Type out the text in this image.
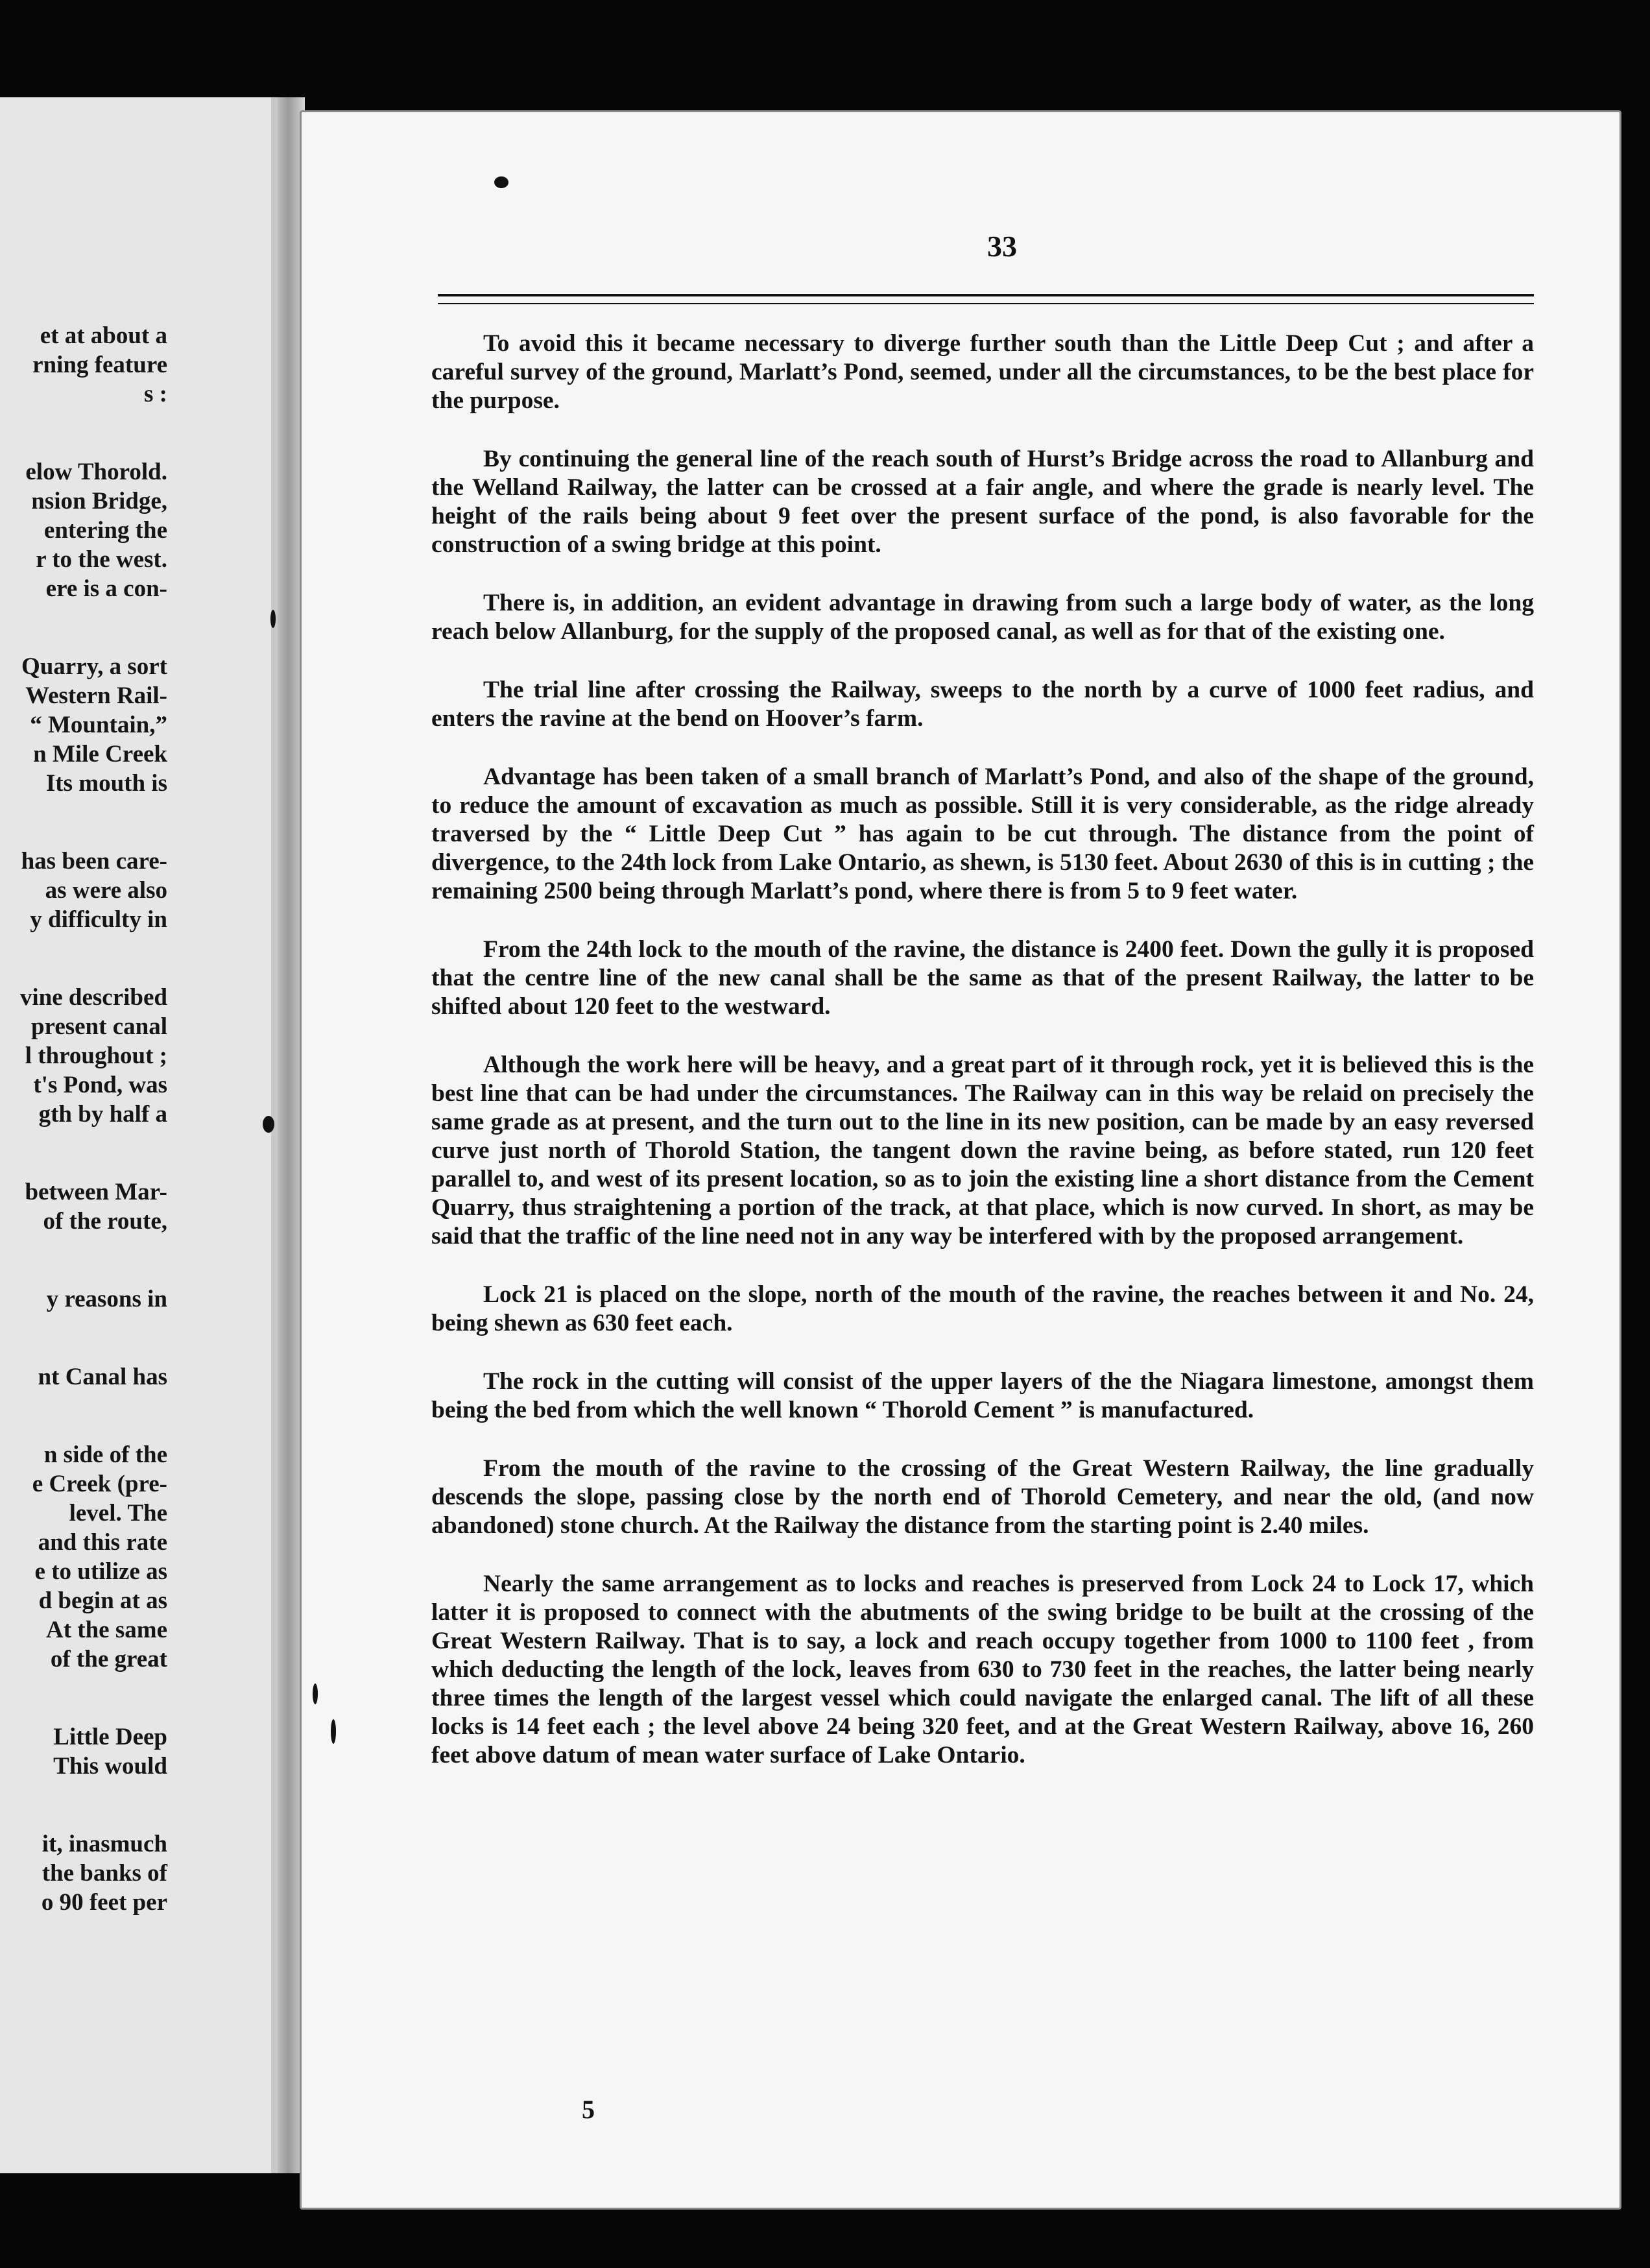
et at about a
rning feature
s :
elow Thorold.
nsion Bridge,
entering the
r to the west.
ere is a con-
Quarry, a sort
Western Rail-
“ Mountain,”
n Mile Creek
Its mouth is
has been care-
as were also
y difficulty in
vine described
present canal
l throughout ;
t's Pond, was
gth by half a
between Mar-
of the route,
y reasons in
nt Canal has
n side of the
e Creek (pre-
level. The
and this rate
e to utilize as
d begin at as
At the same
of the great
Little Deep
This would
it, inasmuch
the banks of
o 90 feet per
33

To avoid this it became necessary to diverge further south than the Little Deep Cut ; and after a careful survey of the ground, Marlatt’s Pond, seemed, under all the circumstances, to be the best place for the purpose.

By continuing the general line of the reach south of Hurst’s Bridge across the road to Allanburg and the Welland Railway, the latter can be crossed at a fair angle, and where the grade is nearly level. The height of the rails being about 9 feet over the present surface of the pond, is also favorable for the construction of a swing bridge at this point.

There is, in addition, an evident advantage in drawing from such a large body of water, as the long reach below Allanburg, for the supply of the proposed canal, as well as for that of the existing one.

The trial line after crossing the Railway, sweeps to the north by a curve of 1000 feet radius, and enters the ravine at the bend on Hoover’s farm.

Advantage has been taken of a small branch of Marlatt’s Pond, and also of the shape of the ground, to reduce the amount of excavation as much as possible. Still it is very considerable, as the ridge already traversed by the “ Little Deep Cut ” has again to be cut through. The distance from the point of divergence, to the 24th lock from Lake Ontario, as shewn, is 5130 feet. About 2630 of this is in cutting ; the remaining 2500 being through Marlatt’s pond, where there is from 5 to 9 feet water.

From the 24th lock to the mouth of the ravine, the distance is 2400 feet. Down the gully it is proposed that the centre line of the new canal shall be the same as that of the present Railway, the latter to be shifted about 120 feet to the westward.

Although the work here will be heavy, and a great part of it through rock, yet it is believed this is the best line that can be had under the circumstances. The Railway can in this way be relaid on precisely the same grade as at present, and the turn out to the line in its new position, can be made by an easy reversed curve just north of Thorold Station, the tangent down the ravine being, as before stated, run 120 feet parallel to, and west of its present location, so as to join the existing line a short distance from the Cement Quarry, thus straightening a portion of the track, at that place, which is now curved. In short, as may be said that the traffic of the line need not in any way be interfered with by the proposed arrangement.

Lock 21 is placed on the slope, north of the mouth of the ravine, the reaches between it and No. 24, being shewn as 630 feet each.

The rock in the cutting will consist of the upper layers of the the Niagara limestone, amongst them being the bed from which the well known “ Thorold Cement ” is manufactured.

From the mouth of the ravine to the crossing of the Great Western Railway, the line gradually descends the slope, passing close by the north end of Thorold Cemetery, and near the old, (and now abandoned) stone church. At the Railway the distance from the starting point is 2.40 miles.

Nearly the same arrangement as to locks and reaches is preserved from Lock 24 to Lock 17, which latter it is proposed to connect with the abutments of the swing bridge to be built at the crossing of the Great Western Railway. That is to say, a lock and reach occupy together from 1000 to 1100 feet , from which deducting the length of the lock, leaves from 630 to 730 feet in the reaches, the latter being nearly three times the length of the largest vessel which could navigate the enlarged canal. The lift of all these locks is 14 feet each ; the level above 24 being 320 feet, and at the Great Western Railway, above 16, 260 feet above datum of mean water surface of Lake Ontario.

5
